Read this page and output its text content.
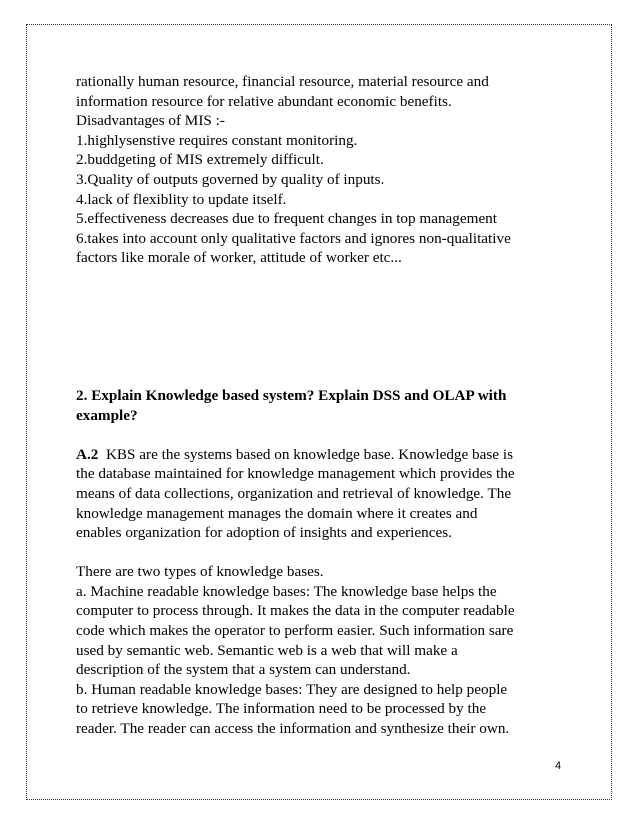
rationally human resource, financial resource, material resource and
information resource for relative abundant economic benefits.
Disadvantages of MIS :-
1.highlysenstive requires constant monitoring.
2.buddgeting of MIS extremely difficult.
3.Quality of outputs governed by quality of inputs.
4.lack of flexiblity to update itself.
5.effectiveness decreases due to frequent changes in top management
6.takes into account only qualitative factors and ignores non-qualitative
factors like morale of worker, attitude of worker etc...
2. Explain Knowledge based system? Explain DSS and OLAP with
example?
A.2 KBS are the systems based on knowledge base. Knowledge base is
the database maintained for knowledge management which provides the
means of data collections, organization and retrieval of knowledge. The
knowledge management manages the domain where it creates and
enables organization for adoption of insights and experiences.
There are two types of knowledge bases.
a. Machine readable knowledge bases: The knowledge base helps the
computer to process through. It makes the data in the computer readable
code which makes the operator to perform easier. Such information sare
used by semantic web. Semantic web is a web that will make a
description of the system that a system can understand.
b. Human readable knowledge bases: They are designed to help people
to retrieve knowledge. The information need to be processed by the
reader. The reader can access the information and synthesize their own.
4
